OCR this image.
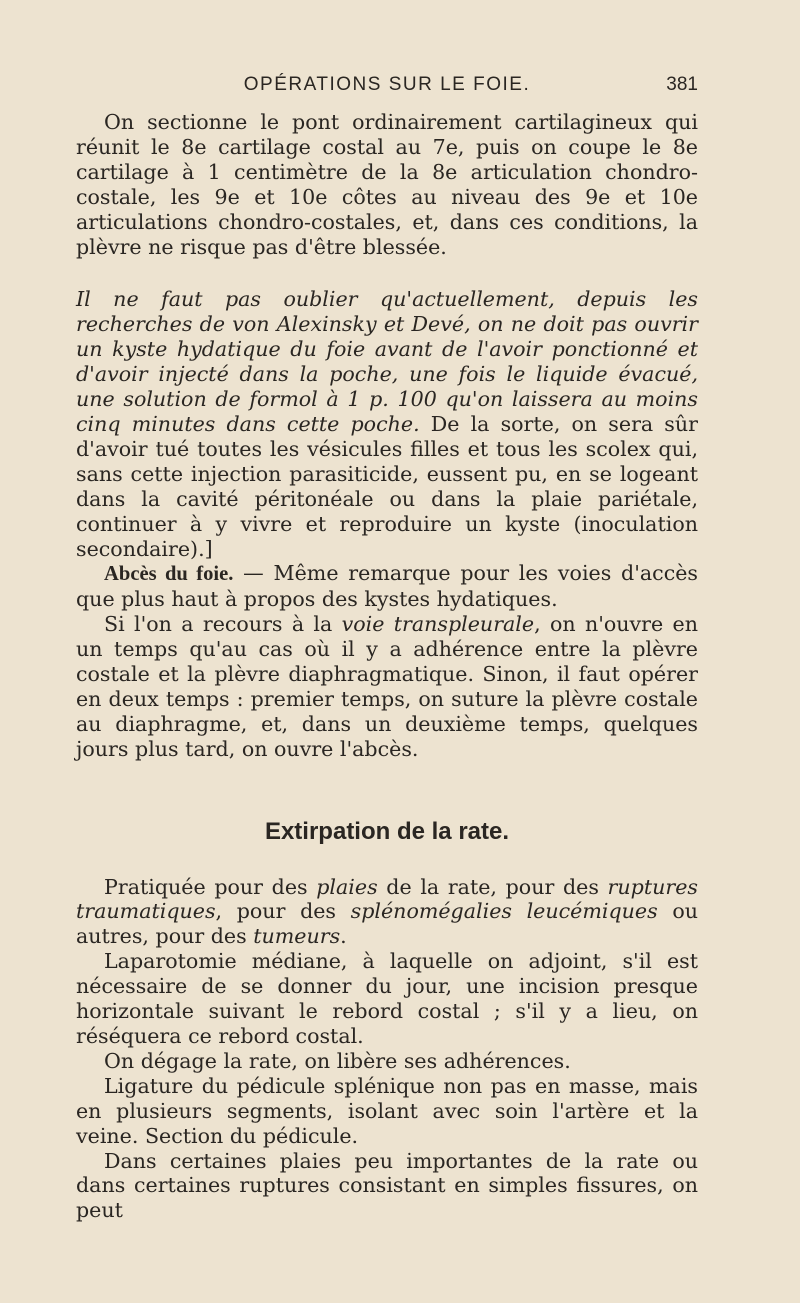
OPÉRATIONS SUR LE FOIE.	381

On sectionne le pont ordinairement cartilagineux qui réunit le 8e cartilage costal au 7e, puis on coupe le 8e cartilage à 1 centimètre de la 8e articulation chondro-costale, les 9e et 10e côtes au niveau des 9e et 10e articulations chondro-costales, et, dans ces conditions, la plèvre ne risque pas d'être blessée.

Il ne faut pas oublier qu'actuellement, depuis les recherches de von Alexinsky et Devé, on ne doit pas ouvrir un kyste hydatique du foie avant de l'avoir ponctionné et d'avoir injecté dans la poche, une fois le liquide évacué, une solution de formol à 1 p. 100 qu'on laissera au moins cinq minutes dans cette poche. De la sorte, on sera sûr d'avoir tué toutes les vésicules filles et tous les scolex qui, sans cette injection parasiticide, eussent pu, en se logeant dans la cavité péritonéale ou dans la plaie pariétale, continuer à y vivre et reproduire un kyste (inoculation secondaire).]

Abcès du foie. — Même remarque pour les voies d'accès que plus haut à propos des kystes hydatiques.

Si l'on a recours à la voie transpleurale, on n'ouvre en un temps qu'au cas où il y a adhérence entre la plèvre costale et la plèvre diaphragmatique. Sinon, il faut opérer en deux temps : premier temps, on suture la plèvre costale au diaphragme, et, dans un deuxième temps, quelques jours plus tard, on ouvre l'abcès.

Extirpation de la rate.

Pratiquée pour des plaies de la rate, pour des ruptures traumatiques, pour des splénomégalies leucémiques ou autres, pour des tumeurs.

Laparotomie médiane, à laquelle on adjoint, s'il est nécessaire de se donner du jour, une incision presque horizontale suivant le rebord costal ; s'il y a lieu, on réséquera ce rebord costal.

On dégage la rate, on libère ses adhérences.

Ligature du pédicule splénique non pas en masse, mais en plusieurs segments, isolant avec soin l'artère et la veine. Section du pédicule.

Dans certaines plaies peu importantes de la rate ou dans certaines ruptures consistant en simples fissures, on peut
